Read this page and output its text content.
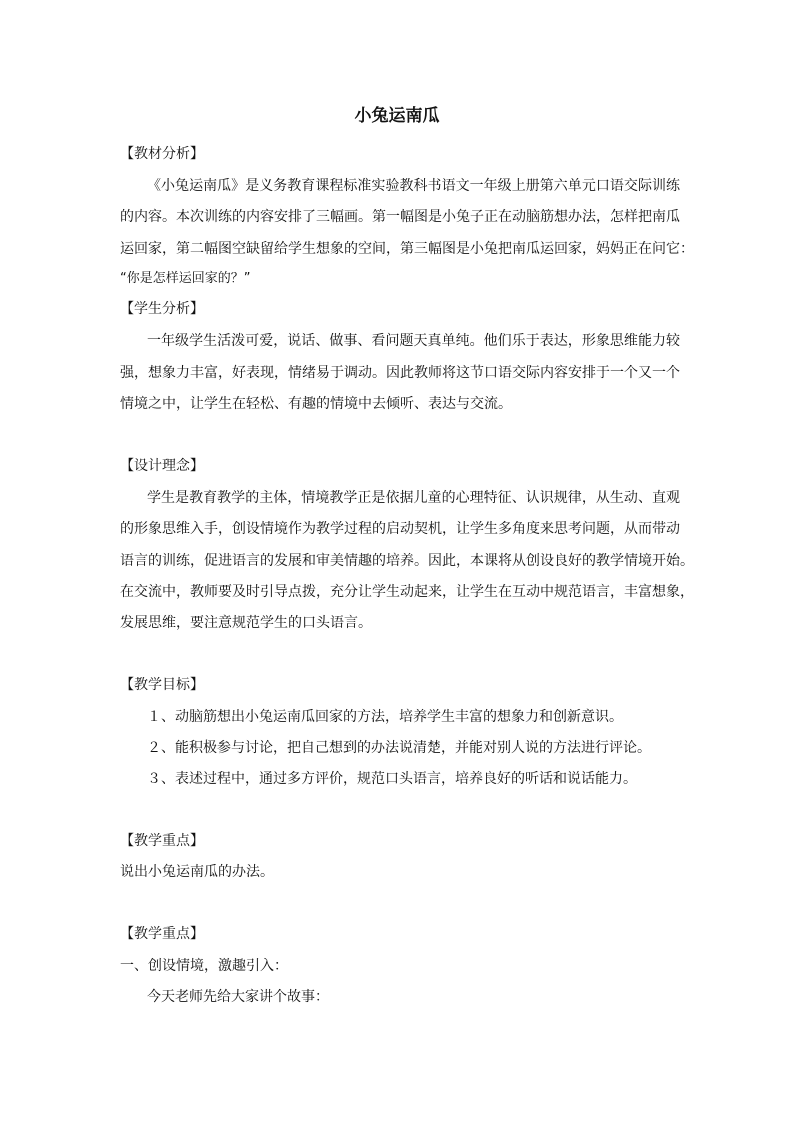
小兔运南瓜
【教材分析】
《小兔运南瓜》是义务教育课程标准实验教科书语文一年级上册第六单元口语交际训练
的内容。本次训练的内容安排了三幅画。第一幅图是小兔子正在动脑筋想办法，怎样把南瓜
运回家，第二幅图空缺留给学生想象的空间，第三幅图是小兔把南瓜运回家，妈妈正在问它：
“你是怎样运回家的？”
【学生分析】
一年级学生活泼可爱，说话、做事、看问题天真单纯。他们乐于表达，形象思维能力较
强，想象力丰富，好表现，情绪易于调动。因此教师将这节口语交际内容安排于一个又一个
情境之中，让学生在轻松、有趣的情境中去倾听、表达与交流。
【设计理念】
学生是教育教学的主体，情境教学正是依据儿童的心理特征、认识规律，从生动、直观
的形象思维入手，创设情境作为教学过程的启动契机，让学生多角度来思考问题，从而带动
语言的训练，促进语言的发展和审美情趣的培养。因此，本课将从创设良好的教学情境开始。
在交流中，教师要及时引导点拨，充分让学生动起来，让学生在互动中规范语言，丰富想象，
发展思维，要注意规范学生的口头语言。
【教学目标】
１、动脑筋想出小兔运南瓜回家的方法，培养学生丰富的想象力和创新意识。
２、能积极参与讨论，把自己想到的办法说清楚，并能对别人说的方法进行评论。
３、表述过程中，通过多方评价，规范口头语言，培养良好的听话和说话能力。
【教学重点】
说出小兔运南瓜的办法。
【教学重点】
一、创设情境，激趣引入：
今天老师先给大家讲个故事：
